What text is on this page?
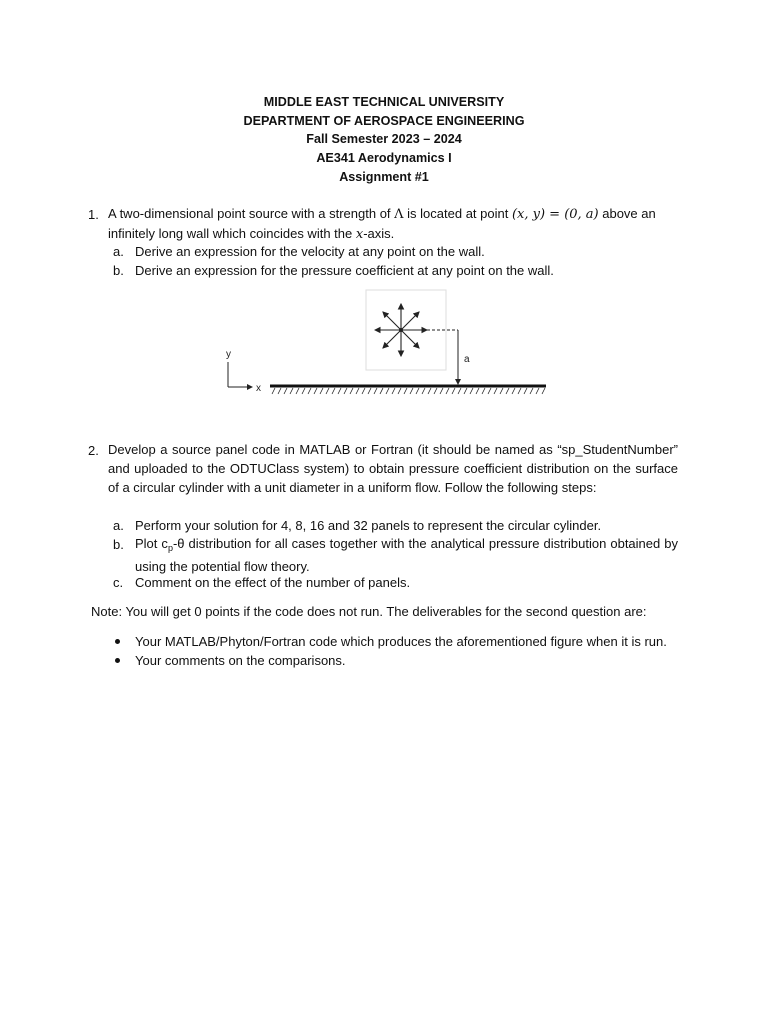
MIDDLE EAST TECHNICAL UNIVERSITY
DEPARTMENT OF AEROSPACE ENGINEERING
Fall Semester 2023 – 2024
AE341 Aerodynamics I
Assignment #1
1. A two-dimensional point source with a strength of Λ is located at point (x, y) = (0, a) above an
infinitely long wall which coincides with the x-axis.
a. Derive an expression for the velocity at any point on the wall.
b. Derive an expression for the pressure coefficient at any point on the wall.
y
x
a
2. Develop a source panel code in MATLAB or Fortran (it should be named as “sp_StudentNumber” and uploaded to the ODTUClass system) to obtain pressure coefficient distribution on the surface of a circular cylinder with a unit diameter in a uniform flow. Follow the following steps:
a. Perform your solution for 4, 8, 16 and 32 panels to represent the circular cylinder.
b. Plot $c_p-\theta$ distribution for all cases together with the analytical pressure distribution obtained by using the potential flow theory.
c. Comment on the effect of the number of panels.
Note: You will get 0 points if the code does not run. The deliverables for the second question are:
Your MATLAB/Phyton/Fortran code which produces the aforementioned figure when it is run.
Your comments on the comparisons.
